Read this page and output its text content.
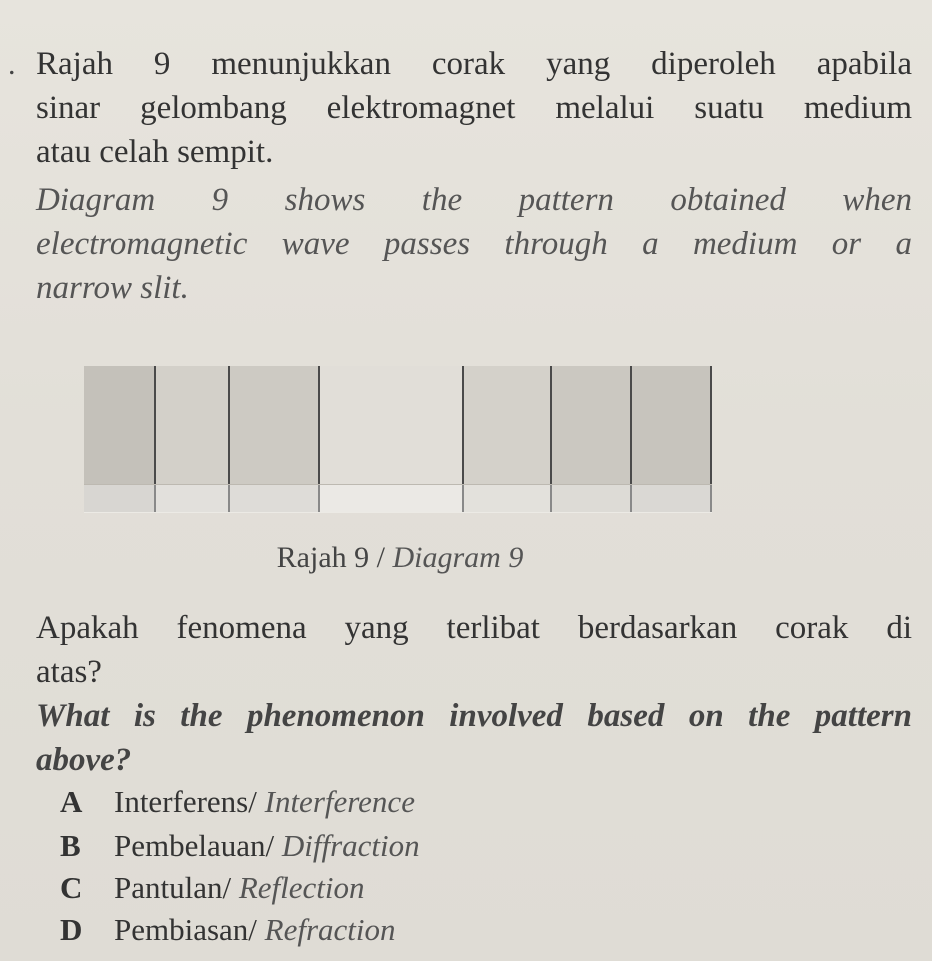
. Rajah 9 menunjukkan corak yang diperoleh apabila
sinar gelombang elektromagnet melalui suatu medium
atau celah sempit.
Diagram 9 shows the pattern obtained when
electromagnetic wave passes through a medium or a
narrow slit.
Rajah 9 / Diagram 9
Apakah fenomena yang terlibat berdasarkan corak di
atas?
What is the phenomenon involved based on the pattern
above?
A Interferens/ Interference
B Pembelauan/ Diffraction
C Pantulan/ Reflection
D Pembiasan/ Refraction
